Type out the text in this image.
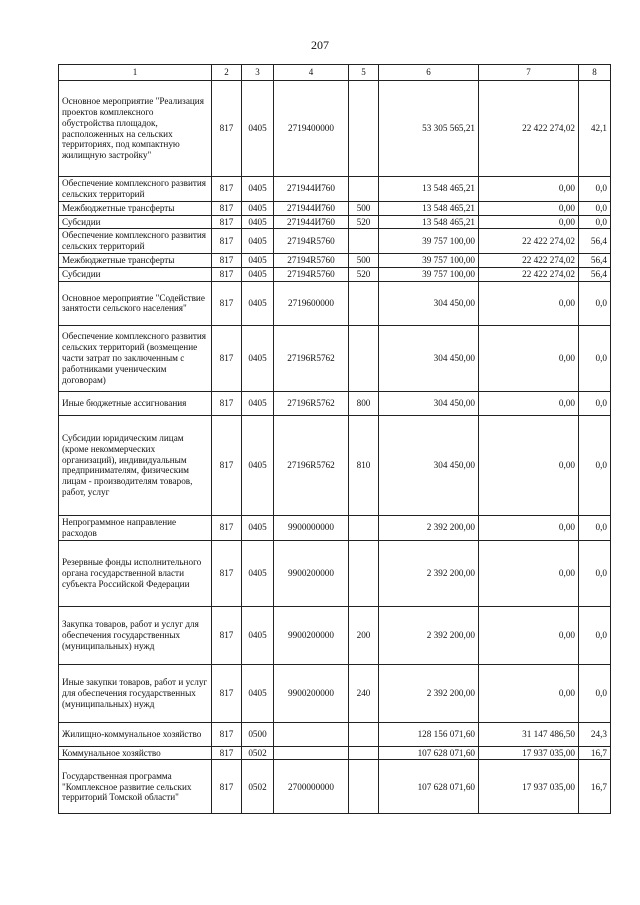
207
1	2	3	4	5	6	7	8
Основное мероприятие "Реализация проектов комплексного обустройства площадок, расположенных на сельских территориях, под компактную жилищную застройку"	817	0405	2719400000		53 305 565,21	22 422 274,02	42,1
Обеспечение комплексного развития сельских территорий	817	0405	271944И760		13 548 465,21	0,00	0,0
Межбюджетные трансферты	817	0405	271944И760	500	13 548 465,21	0,00	0,0
Субсидии	817	0405	271944И760	520	13 548 465,21	0,00	0,0
Обеспечение комплексного развития сельских территорий	817	0405	27194R5760		39 757 100,00	22 422 274,02	56,4
Межбюджетные трансферты	817	0405	27194R5760	500	39 757 100,00	22 422 274,02	56,4
Субсидии	817	0405	27194R5760	520	39 757 100,00	22 422 274,02	56,4
Основное мероприятие "Содействие занятости сельского населения"	817	0405	2719600000		304 450,00	0,00	0,0
Обеспечение комплексного развития сельских территорий (возмещение части затрат по заключенным с работниками ученическим договорам)	817	0405	27196R5762		304 450,00	0,00	0,0
Иные бюджетные ассигнования	817	0405	27196R5762	800	304 450,00	0,00	0,0
Субсидии юридическим лицам (кроме некоммерческих организаций), индивидуальным предпринимателям, физическим лицам - производителям товаров, работ, услуг	817	0405	27196R5762	810	304 450,00	0,00	0,0
Непрограммное направление расходов	817	0405	9900000000		2 392 200,00	0,00	0,0
Резервные фонды исполнительного органа государственной власти субъекта Российской Федерации	817	0405	9900200000		2 392 200,00	0,00	0,0
Закупка товаров, работ и услуг для обеспечения государственных (муниципальных) нужд	817	0405	9900200000	200	2 392 200,00	0,00	0,0
Иные закупки товаров, работ и услуг для обеспечения государственных (муниципальных) нужд	817	0405	9900200000	240	2 392 200,00	0,00	0,0
Жилищно-коммунальное хозяйство	817	0500			128 156 071,60	31 147 486,50	24,3
Коммунальное хозяйство	817	0502			107 628 071,60	17 937 035,00	16,7
Государственная программа "Комплексное развитие сельских территорий Томской области"	817	0502	2700000000		107 628 071,60	17 937 035,00	16,7
